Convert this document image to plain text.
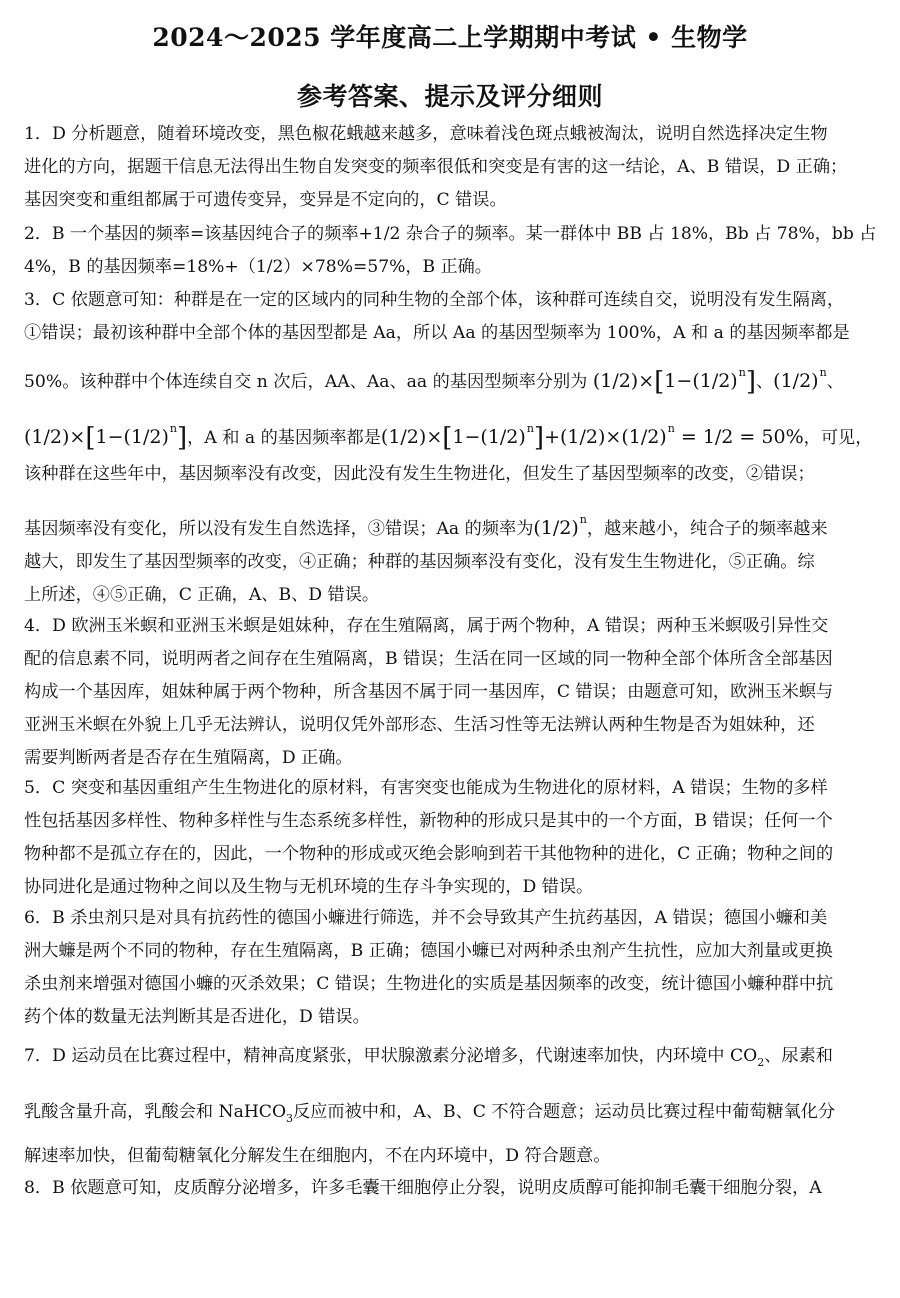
2024～2025 学年度高二上学期期中考试 • 生物学
参考答案、提示及评分细则
1．D 分析题意，随着环境改变，黑色椒花蛾越来越多，意味着浅色斑点蛾被淘汰，说明自然选择决定生物
进化的方向，据题干信息无法得出生物自发突变的频率很低和突变是有害的这一结论，A、B 错误，D 正确；
基因突变和重组都属于可遗传变异，变异是不定向的，C 错误。
2．B 一个基因的频率=该基因纯合子的频率+1/2 杂合子的频率。某一群体中 BB 占 18%，Bb 占 78%，bb 占
4%，B 的基因频率=18%+（1/2）×78%=57%，B 正确。
3．C 依题意可知：种群是在一定的区域内的同种生物的全部个体，该种群可连续自交，说明没有发生隔离，
①错误；最初该种群中全部个体的基因型都是 Aa，所以 Aa 的基因型频率为 100%，A 和 a 的基因频率都是
50%。该种群中个体连续自交 n 次后，AA、Aa、aa 的基因型频率分别为 $(1/2)\times[1-(1/2)^n]$、$(1/2)^n$、
$(1/2)\times[1-(1/2)^n]$，A 和 a 的基因频率都是$(1/2)\times[1-(1/2)^n]+(1/2)\times(1/2)^n = 1/2 = 50\%$，可见，
该种群在这些年中，基因频率没有改变，因此没有发生生物进化，但发生了基因型频率的改变，②错误；
基因频率没有变化，所以没有发生自然选择，③错误；Aa 的频率为$(1/2)^n$，越来越小，纯合子的频率越来
越大，即发生了基因型频率的改变，④正确；种群的基因频率没有变化，没有发生生物进化，⑤正确。综
上所述，④⑤正确，C 正确，A、B、D 错误。
4．D 欧洲玉米螟和亚洲玉米螟是姐妹种，存在生殖隔离，属于两个物种，A 错误；两种玉米螟吸引异性交
配的信息素不同，说明两者之间存在生殖隔离，B 错误；生活在同一区域的同一物种全部个体所含全部基因
构成一个基因库，姐妹种属于两个物种，所含基因不属于同一基因库，C 错误；由题意可知，欧洲玉米螟与
亚洲玉米螟在外貌上几乎无法辨认，说明仅凭外部形态、生活习性等无法辨认两种生物是否为姐妹种，还
需要判断两者是否存在生殖隔离，D 正确。
5．C 突变和基因重组产生生物进化的原材料，有害突变也能成为生物进化的原材料，A 错误；生物的多样
性包括基因多样性、物种多样性与生态系统多样性，新物种的形成只是其中的一个方面，B 错误；任何一个
物种都不是孤立存在的，因此，一个物种的形成或灭绝会影响到若干其他物种的进化，C 正确；物种之间的
协同进化是通过物种之间以及生物与无机环境的生存斗争实现的，D 错误。
6．B 杀虫剂只是对具有抗药性的德国小蠊进行筛选，并不会导致其产生抗药基因，A 错误；德国小蠊和美
洲大蠊是两个不同的物种，存在生殖隔离，B 正确；德国小蠊已对两种杀虫剂产生抗性，应加大剂量或更换
杀虫剂来增强对德国小蠊的灭杀效果；C 错误；生物进化的实质是基因频率的改变，统计德国小蠊种群中抗
药个体的数量无法判断其是否进化，D 错误。
7．D 运动员在比赛过程中，精神高度紧张，甲状腺激素分泌增多，代谢速率加快，内环境中 $CO_2$、尿素和
乳酸含量升高，乳酸会和 NaHCO$_3$反应而被中和，A、B、C 不符合题意；运动员比赛过程中葡萄糖氧化分
解速率加快，但葡萄糖氧化分解发生在细胞内，不在内环境中，D 符合题意。
8．B 依题意可知，皮质醇分泌增多，许多毛囊干细胞停止分裂，说明皮质醇可能抑制毛囊干细胞分裂，A
